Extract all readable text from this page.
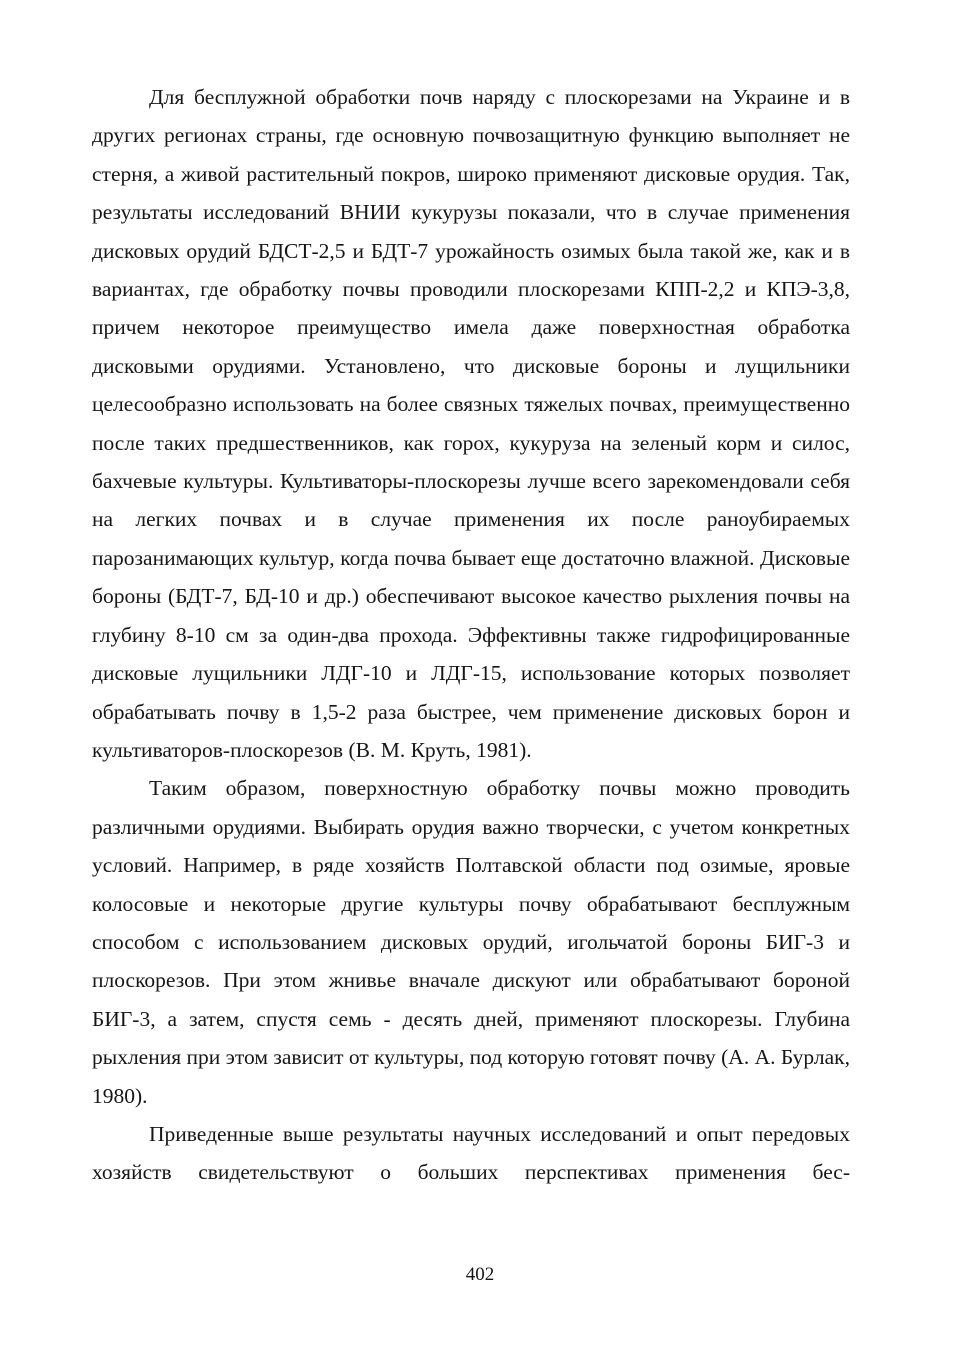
Для бесплужной обработки почв наряду с плоскорезами на Украине и в других регионах страны, где основную почвозащитную функцию выполняет не стерня, а живой растительный покров, широко применяют дисковые орудия. Так, результаты исследований ВНИИ кукурузы показали, что в случае применения дисковых орудий БДСТ-2,5 и БДТ-7 урожайность озимых была такой же, как и в вариантах, где обработку почвы проводили плоскорезами КПП-2,2 и КПЭ-3,8, причем некоторое преимущество имела даже поверхностная обработка дисковыми орудиями. Установлено, что дисковые бороны и лущильники целесообразно использовать на более связных тяжелых почвах, преимущественно после таких предшественников, как горох, кукуруза на зеленый корм и силос, бахчевые культуры. Культиваторы-плоскорезы лучше всего зарекомендовали себя на легких почвах и в случае применения их после раноубираемых парозанимающих культур, когда почва бывает еще достаточно влажной. Дисковые бороны (БДТ-7, БД-10 и др.) обеспечивают высокое качество рыхления почвы на глубину 8-10 см за один-два прохода. Эффективны также гидрофицированные дисковые лущильники ЛДГ-10 и ЛДГ-15, использование которых позволяет обрабатывать почву в 1,5-2 раза быстрее, чем применение дисковых борон и культиваторов-плоскорезов (В. М. Круть, 1981).

Таким образом, поверхностную обработку почвы можно проводить различными орудиями. Выбирать орудия важно творчески, с учетом конкретных условий. Например, в ряде хозяйств Полтавской области под озимые, яровые колосовые и некоторые другие культуры почву обрабатывают бесплужным способом с использованием дисковых орудий, игольчатой бороны БИГ-3 и плоскорезов. При этом жнивье вначале дискуют или обрабатывают бороной БИГ-3, а затем, спустя семь - десять дней, применяют плоскорезы. Глубина рыхления при этом зависит от культуры, под которую готовят почву (А. А. Бурлак, 1980).

Приведенные выше результаты научных исследований и опыт передовых хозяйств свидетельствуют о больших перспективах применения бес-

402
